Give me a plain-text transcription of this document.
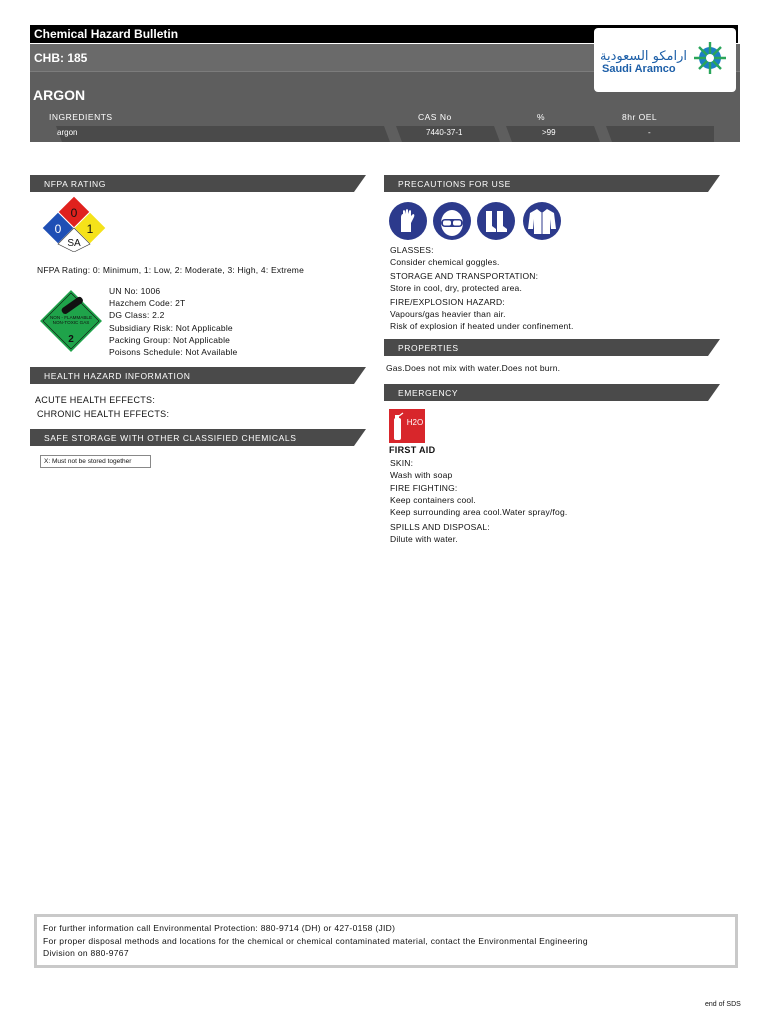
Chemical Hazard Bulletin
CHB: 185
ARGON
ارامكو السعودية
Saudi Aramco
INGREDIENTS	CAS No	%	8hr OEL
argon	7440-37-1	>99	-
NFPA RATING
0
0 1
SA
NFPA Rating: 0: Minimum, 1: Low, 2: Moderate, 3: High, 4: Extreme
NON - FLAMMABLE
NON-TOXIC GAS
2
UN No: 1006
Hazchem Code: 2T
DG Class: 2.2
Subsidiary Risk: Not Applicable
Packing Group: Not Applicable
Poisons Schedule: Not Available
HEALTH HAZARD INFORMATION
ACUTE HEALTH EFFECTS:
CHRONIC HEALTH EFFECTS:
SAFE STORAGE WITH OTHER CLASSIFIED CHEMICALS
X: Must not be stored together
PRECAUTIONS FOR USE
GLASSES:
Consider chemical goggles.
STORAGE AND TRANSPORTATION:
Store in cool, dry, protected area.
FIRE/EXPLOSION HAZARD:
Vapours/gas heavier than air.
Risk of explosion if heated under confinement.
PROPERTIES
Gas.Does not mix with water.Does not burn.
EMERGENCY
H2O
FIRST AID
SKIN:
Wash with soap
FIRE FIGHTING:
Keep containers cool.
Keep surrounding area cool.Water spray/fog.
SPILLS AND DISPOSAL:
Dilute with water.

For further information call Environmental Protection: 880-9714 (DH) or 427-0158 (JID)

For proper disposal methods and locations for the chemical or chemical contaminated material, contact the Environmental Engineering

Division on 880-9767

end of SDS
